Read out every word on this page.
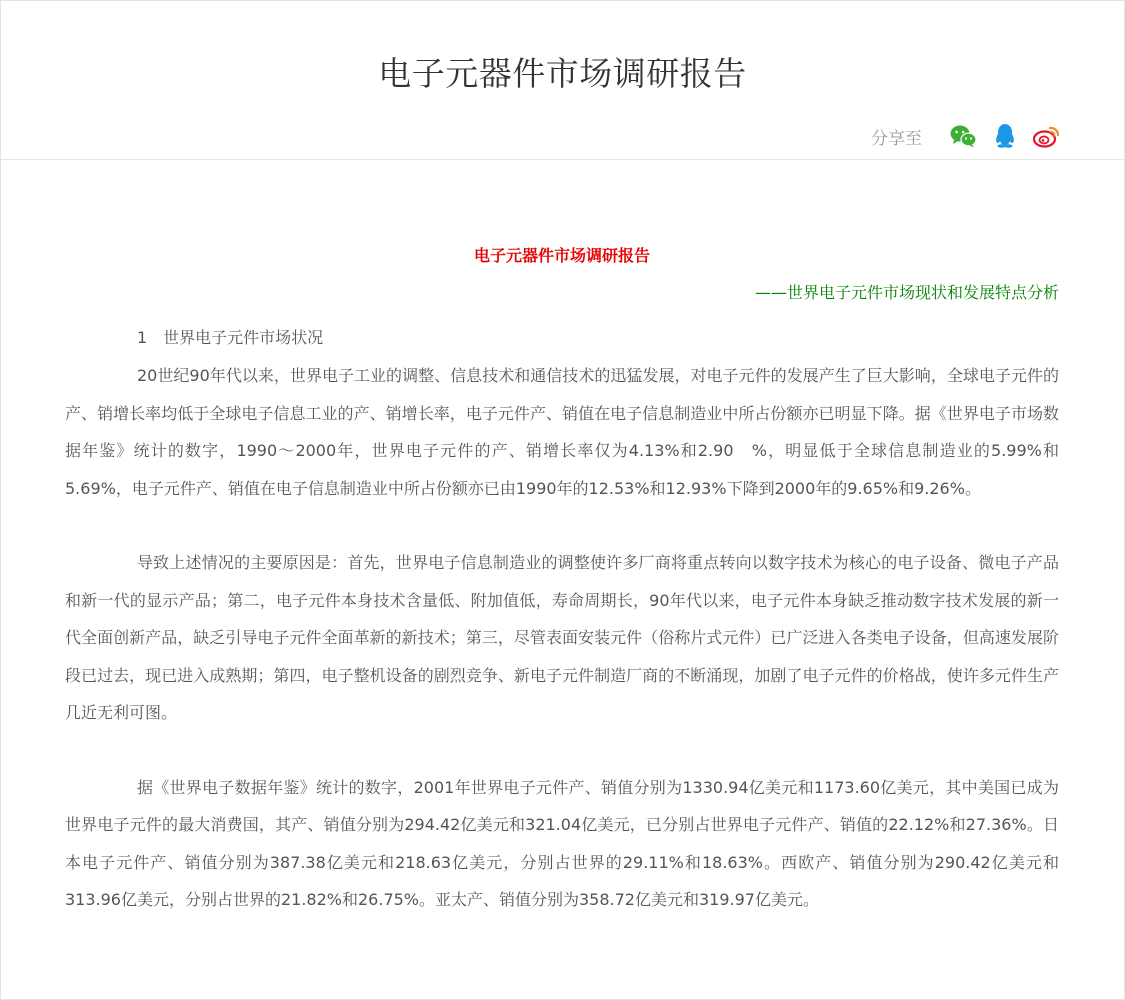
电子元器件市场调研报告
分享至
电子元器件市场调研报告
——世界电子元件市场现状和发展特点分析
1　世界电子元件市场状况

20世纪90年代以来，世界电子工业的调整、信息技术和通信技术的迅猛发展，对电子元件的发展产生了巨大影响，全球电子元件的产、销增长率均低于全球电子信息工业的产、销增长率，电子元件产、销值在电子信息制造业中所占份额亦已明显下降。据《世界电子市场数据年鉴》统计的数字，1990～2000年，世界电子元件的产、销增长率仅为4.13%和2.90　%，明显低于全球信息制造业的5.99%和5.69%，电子元件产、销值在电子信息制造业中所占份额亦已由1990年的12.53%和12.93%下降到2000年的9.65%和9.26%。

导致上述情况的主要原因是：首先，世界电子信息制造业的调整使许多厂商将重点转向以数字技术为核心的电子设备、微电子产品和新一代的显示产品；第二，电子元件本身技术含量低、附加值低，寿命周期长，90年代以来，电子元件本身缺乏推动数字技术发展的新一代全面创新产品，缺乏引导电子元件全面革新的新技术；第三，尽管表面安装元件（俗称片式元件）已广泛进入各类电子设备，但高速发展阶段已过去，现已进入成熟期；第四，电子整机设备的剧烈竞争、新电子元件制造厂商的不断涌现，加剧了电子元件的价格战，使许多元件生产几近无利可图。

据《世界电子数据年鉴》统计的数字，2001年世界电子元件产、销值分别为1330.94亿美元和1173.60亿美元，其中美国已成为世界电子元件的最大消费国，其产、销值分别为294.42亿美元和321.04亿美元，已分别占世界电子元件产、销值的22.12%和27.36%。日本电子元件产、销值分别为387.38亿美元和218.63亿美元，分别占世界的29.11%和18.63%。西欧产、销值分别为290.42亿美元和313.96亿美元，分别占世界的21.82%和26.75%。亚太产、销值分别为358.72亿美元和319.97亿美元。
